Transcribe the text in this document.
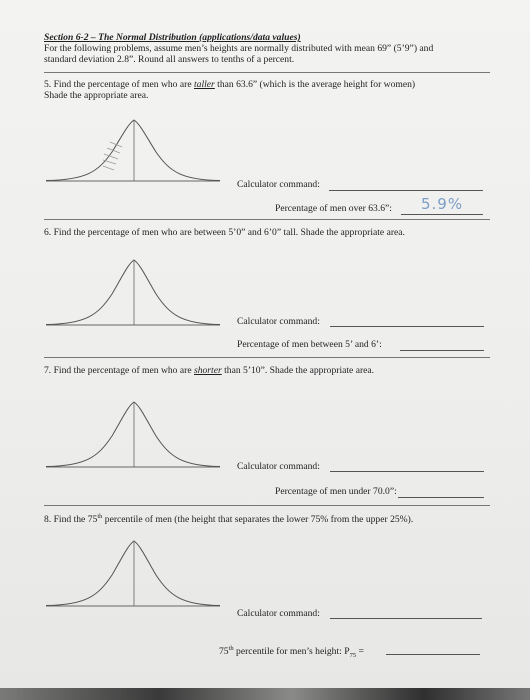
Section 6-2 – The Normal Distribution (applications/data values)
For the following problems, assume men’s heights are normally distributed with mean 69” (5’9”) and
standard deviation 2.8”. Round all answers to tenths of a percent.
5. Find the percentage of men who are taller than 63.6” (which is the average height for women)
Shade the appropriate area.
Calculator command:
Percentage of men over 63.6”: 5.9%
6. Find the percentage of men who are between 5’0” and 6’0” tall. Shade the appropriate area.
Calculator command:
Percentage of men between 5’ and 6’:
7. Find the percentage of men who are shorter than 5’10”. Shade the appropriate area.
Calculator command:
Percentage of men under 70.0”:
8. Find the 75th percentile of men (the height that separates the lower 75% from the upper 25%).
Calculator command:
75th percentile for men’s height: $P_{75}$ =
